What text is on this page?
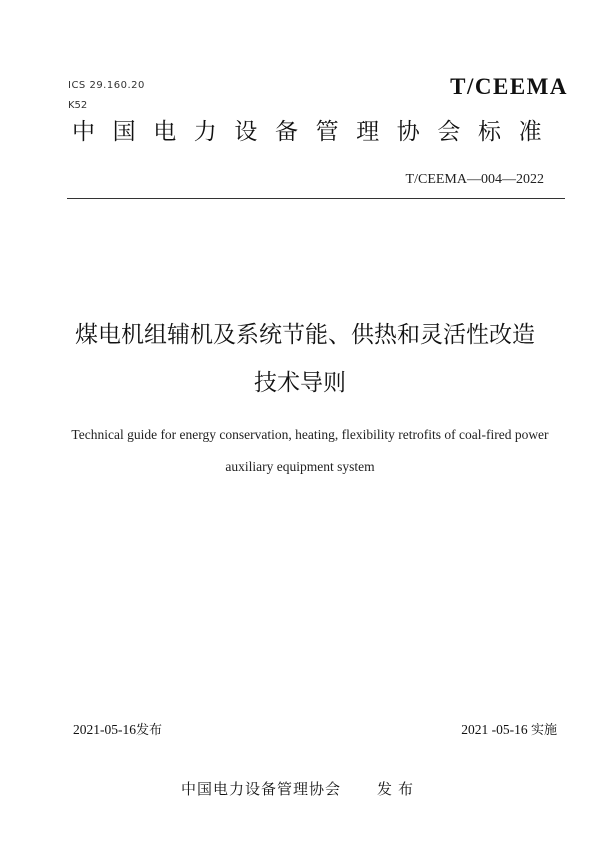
ICS 29.160.20
K52
T/CEEMA
中国电力设备管理协会标准
T/CEEMA—004—2022
煤电机组辅机及系统节能、供热和灵活性改造
技术导则
Technical guide for energy conservation, heating, flexibility retrofits of coal-fired power
auxiliary equipment system
2021-05-16发布	2021 -05-16 实施
中国电力设备管理协会 发布
